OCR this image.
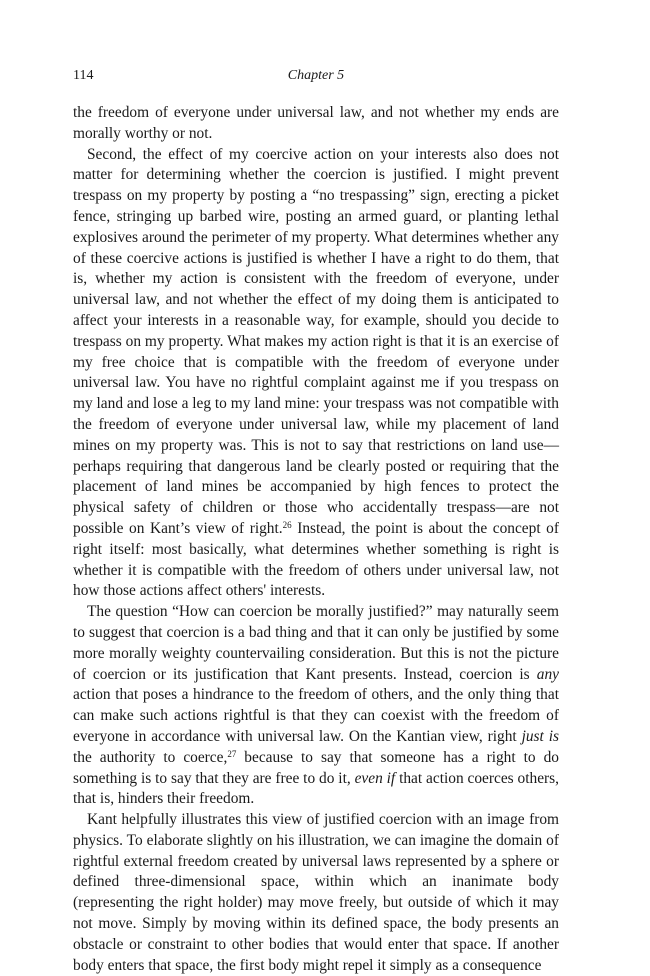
114	Chapter 5

the freedom of everyone under universal law, and not whether my ends are morally worthy or not.

Second, the effect of my coercive action on your interests also does not matter for determining whether the coercion is justified. I might prevent trespass on my property by posting a “no trespassing” sign, erecting a picket fence, stringing up barbed wire, posting an armed guard, or planting lethal explosives around the perimeter of my property. What determines whether any of these coercive actions is justified is whether I have a right to do them, that is, whether my action is consistent with the freedom of everyone, under universal law, and not whether the effect of my doing them is anticipated to affect your interests in a reasonable way, for example, should you decide to trespass on my property. What makes my action right is that it is an exercise of my free choice that is compatible with the freedom of everyone under universal law. You have no rightful complaint against me if you trespass on my land and lose a leg to my land mine: your trespass was not compatible with the freedom of everyone under universal law, while my placement of land mines on my property was. This is not to say that restrictions on land use—perhaps requiring that dangerous land be clearly posted or requiring that the placement of land mines be accompanied by high fences to protect the physical safety of children or those who accidentally trespass—are not possible on Kant’s view of right.$^{26}$ Instead, the point is about the concept of right itself: most basically, what determines whether something is right is whether it is compatible with the freedom of others under universal law, not how those actions affect others' interests.

The question “How can coercion be morally justified?” may naturally seem to suggest that coercion is a bad thing and that it can only be justified by some more morally weighty countervailing consideration. But this is not the picture of coercion or its justification that Kant presents. Instead, coercion is any action that poses a hindrance to the freedom of others, and the only thing that can make such actions rightful is that they can coexist with the freedom of everyone in accordance with universal law. On the Kantian view, right just is the authority to coerce,$^{27}$ because to say that someone has a right to do something is to say that they are free to do it, even if that action coerces others, that is, hinders their freedom.

Kant helpfully illustrates this view of justified coercion with an image from physics. To elaborate slightly on his illustration, we can imagine the domain of rightful external freedom created by universal laws represented by a sphere or defined three-dimensional space, within which an inanimate body (representing the right holder) may move freely, but outside of which it may not move. Simply by moving within its defined space, the body presents an obstacle or constraint to other bodies that would enter that space. If another body enters that space, the first body might repel it simply as a consequence
